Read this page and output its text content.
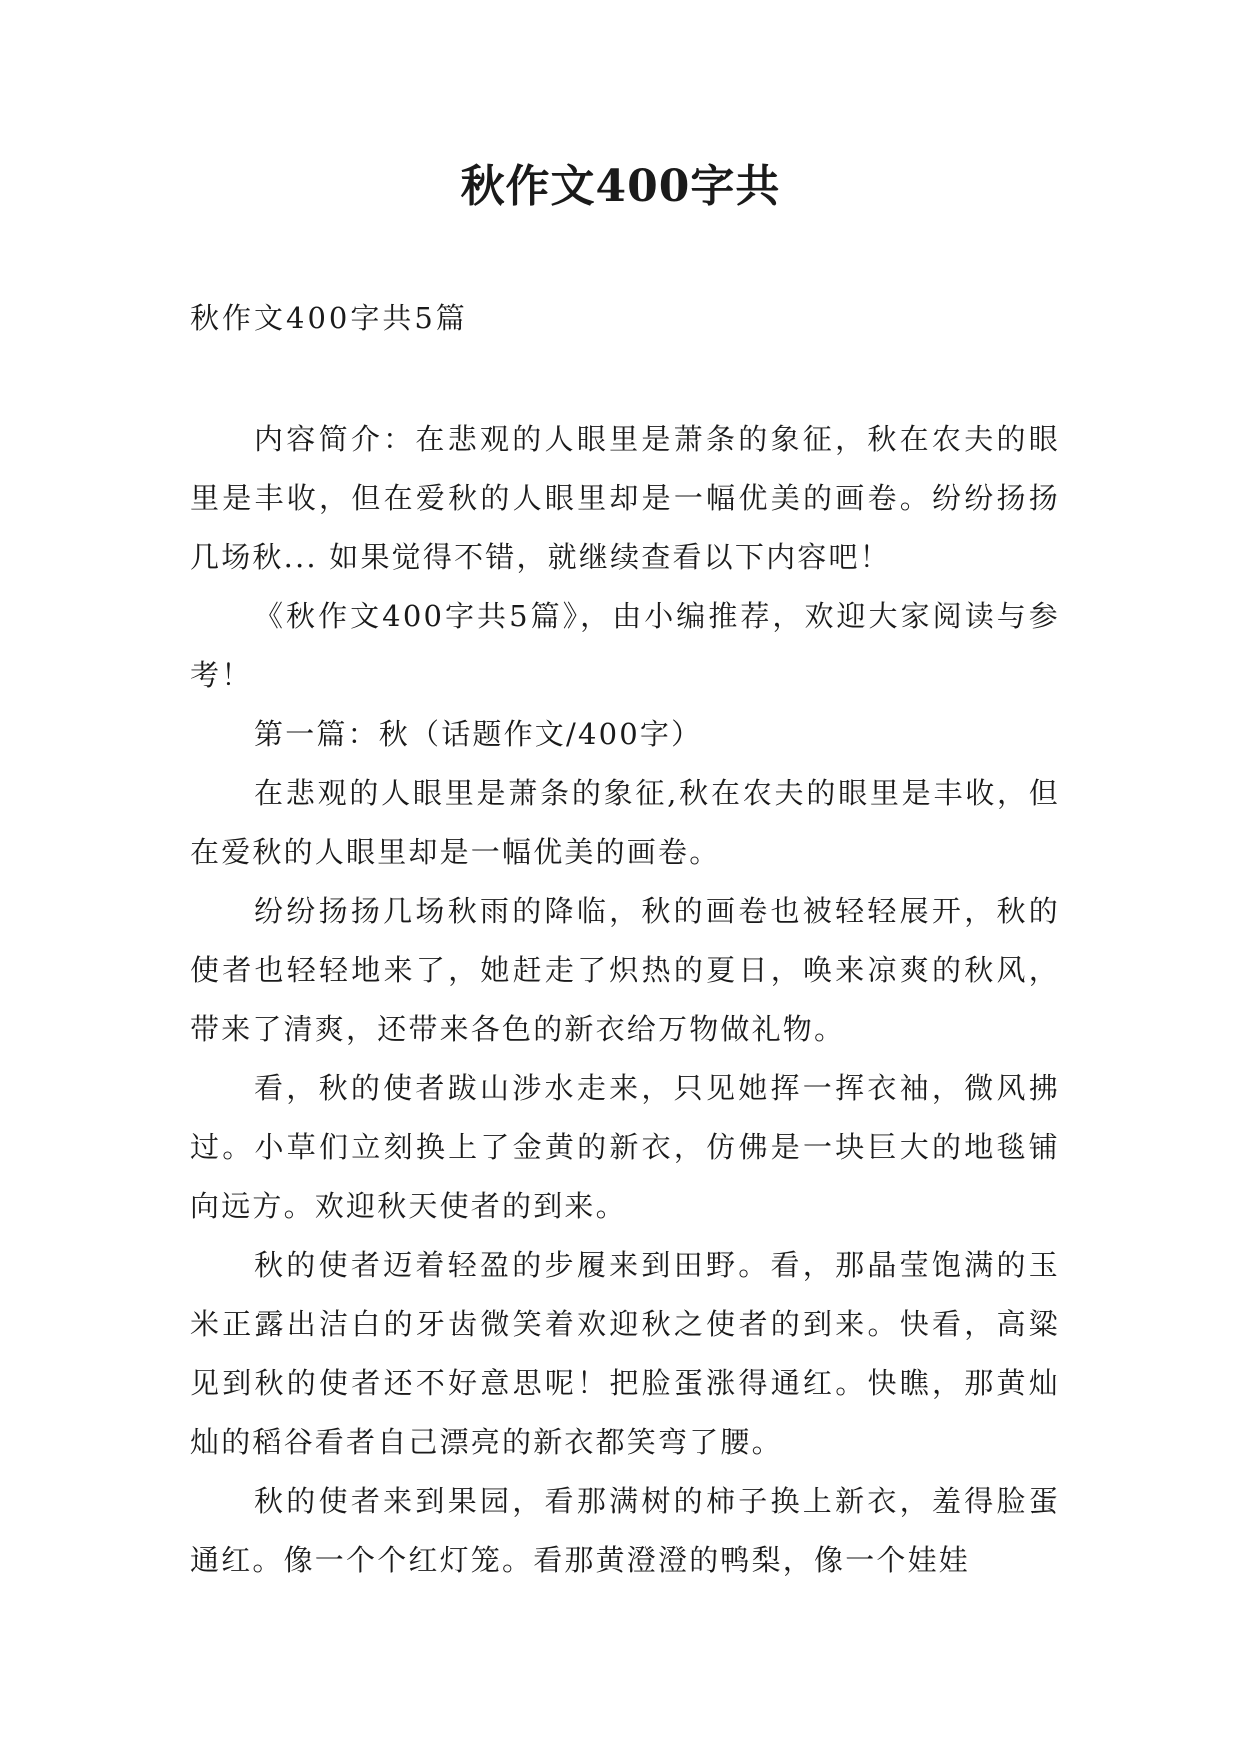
秋作文400字共

秋作文400字共5篇

内容简介：在悲观的人眼里是萧条的象征，秋在农夫的眼里是丰收，但在爱秋的人眼里却是一幅优美的画卷。纷纷扬扬几场秋... 如果觉得不错，就继续查看以下内容吧！

《秋作文400字共5篇》，由小编推荐，欢迎大家阅读与参考！

第一篇：秋（话题作文/400字）

在悲观的人眼里是萧条的象征,秋在农夫的眼里是丰收，但在爱秋的人眼里却是一幅优美的画卷。

纷纷扬扬几场秋雨的降临，秋的画卷也被轻轻展开，秋的使者也轻轻地来了，她赶走了炽热的夏日，唤来凉爽的秋风，带来了清爽，还带来各色的新衣给万物做礼物。

看，秋的使者跋山涉水走来，只见她挥一挥衣袖，微风拂过。小草们立刻换上了金黄的新衣，仿佛是一块巨大的地毯铺向远方。欢迎秋天使者的到来。

秋的使者迈着轻盈的步履来到田野。看，那晶莹饱满的玉米正露出洁白的牙齿微笑着欢迎秋之使者的到来。快看，高粱见到秋的使者还不好意思呢！把脸蛋涨得通红。快瞧，那黄灿灿的稻谷看者自己漂亮的新衣都笑弯了腰。

秋的使者来到果园，看那满树的柿子换上新衣，羞得脸蛋通红。像一个个红灯笼。看那黄澄澄的鸭梨，像一个娃娃
